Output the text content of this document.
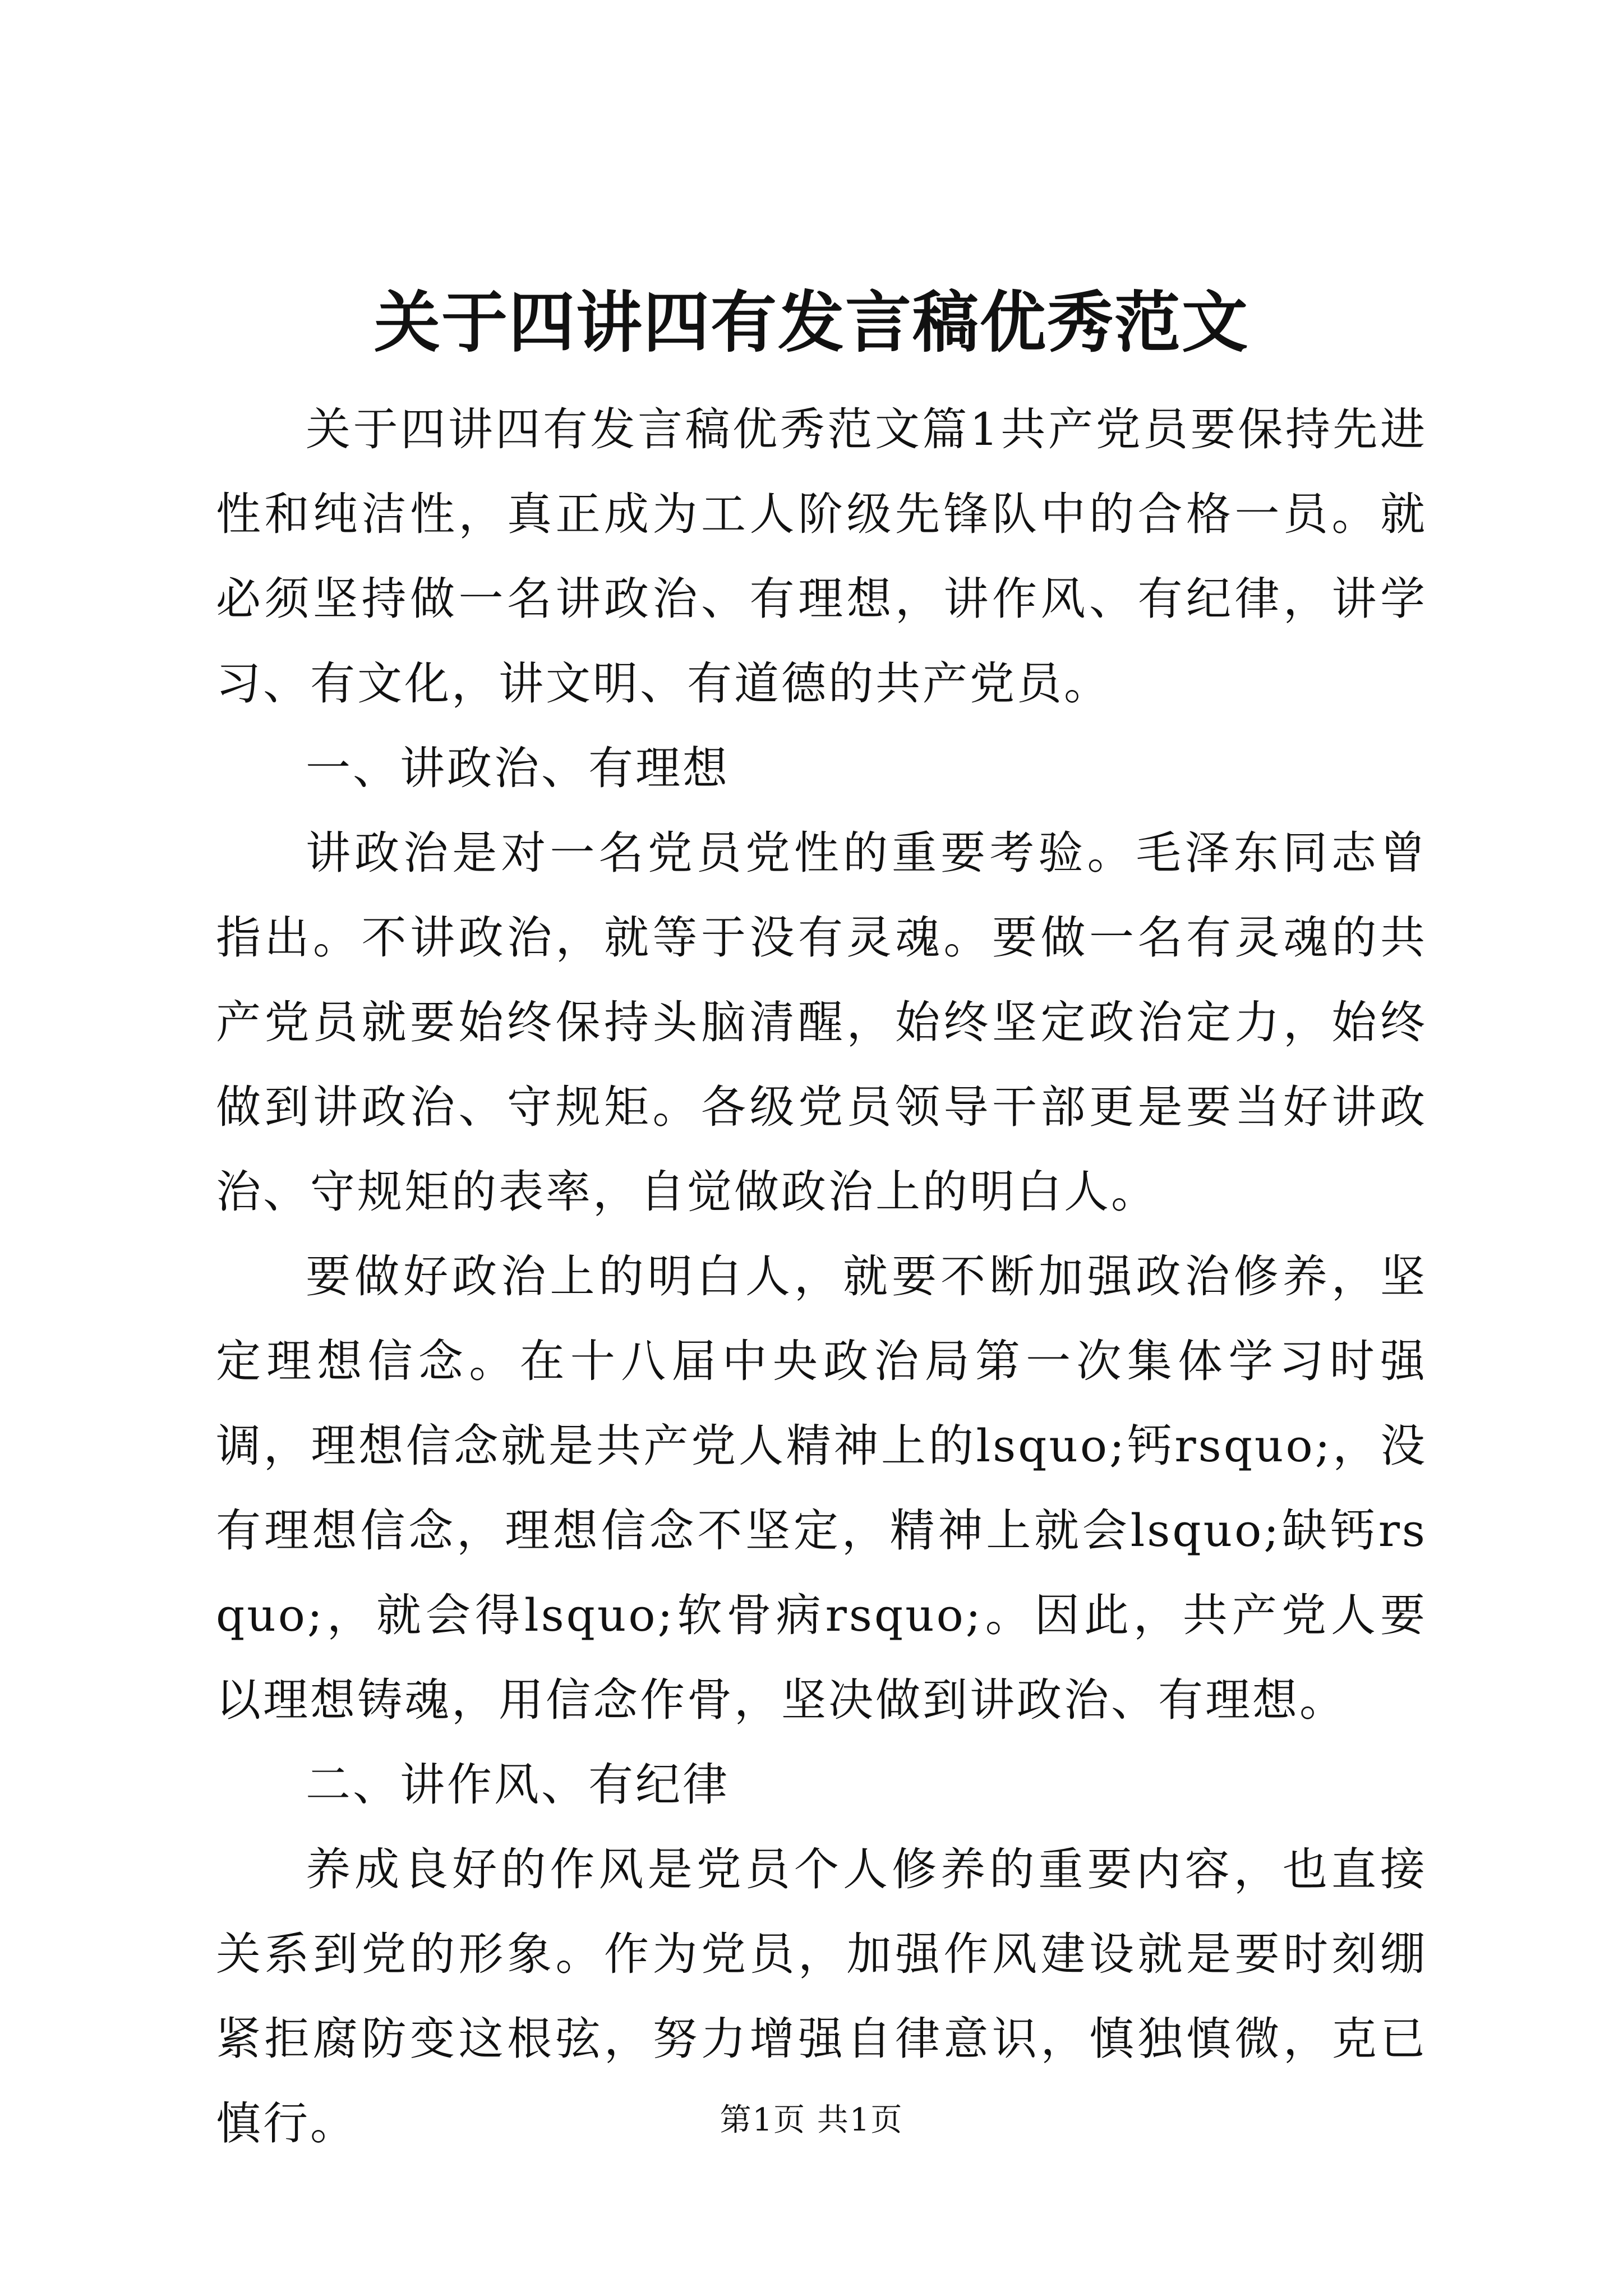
关于四讲四有发言稿优秀范文

关于四讲四有发言稿优秀范文篇1共产党员要保持先进性和纯洁性，真正成为工人阶级先锋队中的合格一员。就必须坚持做一名讲政治、有理想，讲作风、有纪律，讲学习、有文化，讲文明、有道德的共产党员。

一、讲政治、有理想

讲政治是对一名党员党性的重要考验。毛泽东同志曾指出。不讲政治，就等于没有灵魂。要做一名有灵魂的共产党员就要始终保持头脑清醒，始终坚定政治定力，始终做到讲政治、守规矩。各级党员领导干部更是要当好讲政治、守规矩的表率，自觉做政治上的明白人。

要做好政治上的明白人，就要不断加强政治修养，坚定理想信念。在十八届中央政治局第一次集体学习时强调，理想信念就是共产党人精神上的lsquo;钙rsquo;，没有理想信念，理想信念不坚定，精神上就会lsquo;缺钙rsquo;，就会得lsquo;软骨病rsquo;。因此，共产党人要以理想铸魂，用信念作骨，坚决做到讲政治、有理想。

二、讲作风、有纪律

养成良好的作风是党员个人修养的重要内容，也直接关系到党的形象。作为党员，加强作风建设就是要时刻绷紧拒腐防变这根弦，努力增强自律意识，慎独慎微，克已慎行。	第1页 共1页
